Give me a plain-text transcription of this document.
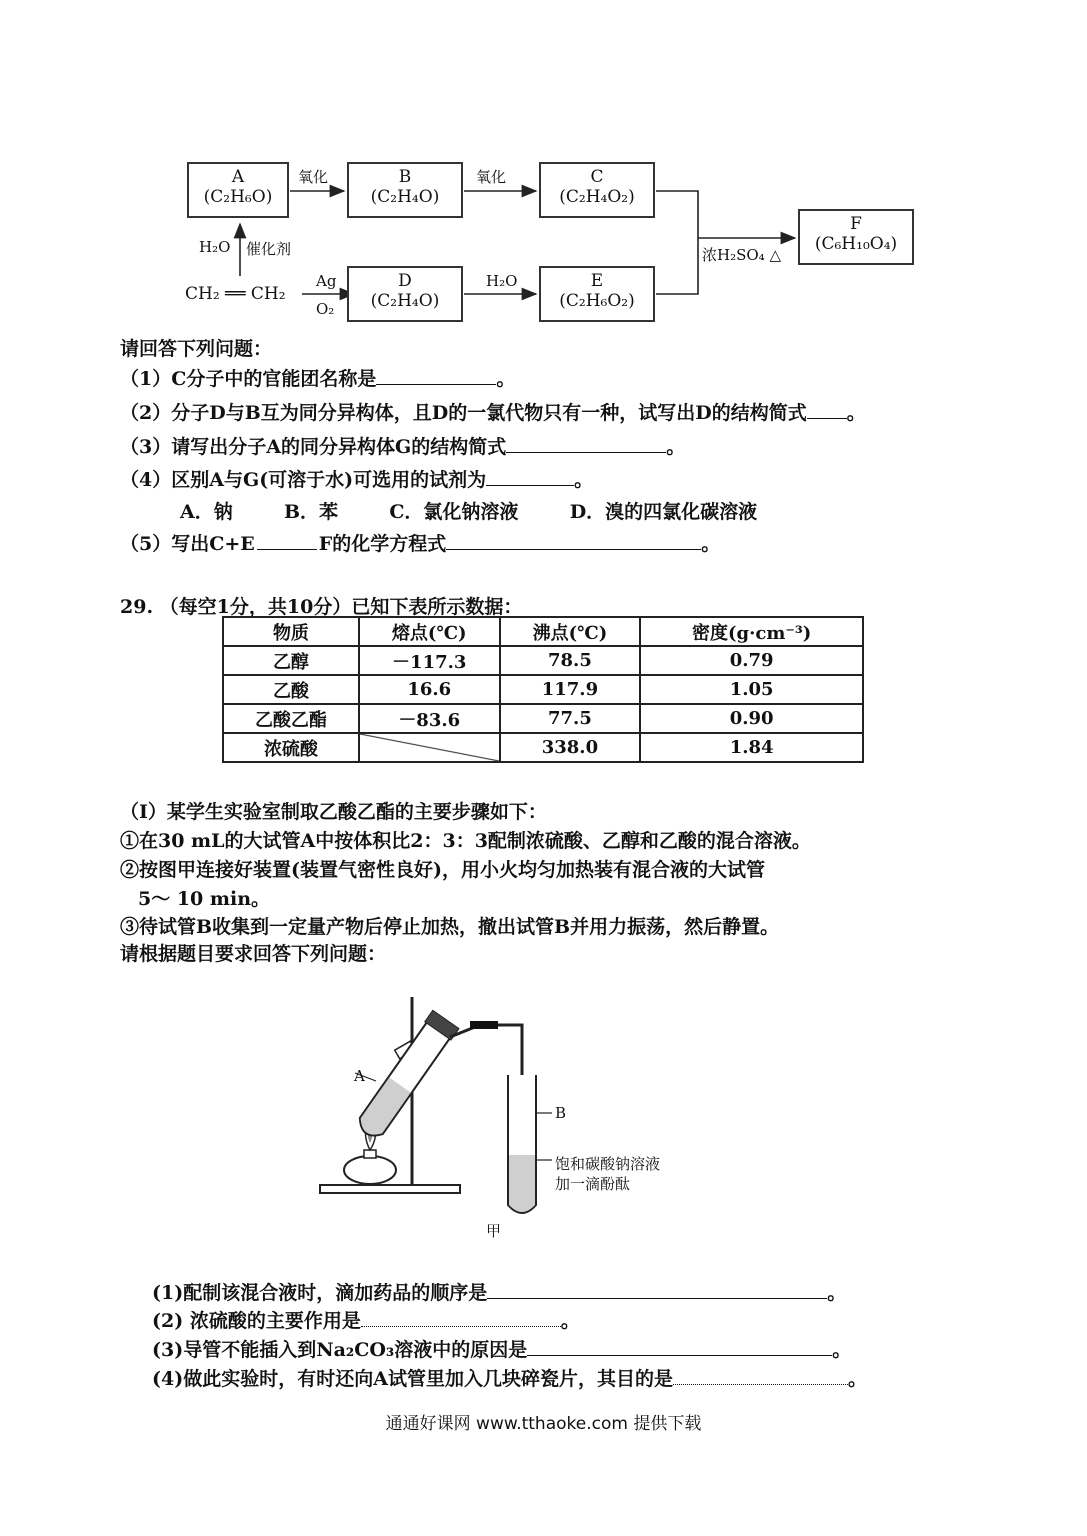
A
(C₂H₆O)
B
(C₂H₄O)
C
(C₂H₄O₂)
D
(C₂H₄O)
E
(C₂H₆O₂)
F
(C₆H₁₀O₄)
氧化	氧化
H₂O 催化剂
Ag
O₂
H₂O
浓H₂SO₄ △
CH₂ ══ CH₂
请回答下列问题：
（1）C分子中的官能团名称是	。
（2）分子D与B互为同分异构体，且D的一氯代物只有一种，试写出D的结构简式 。
（3）请写出分子A的同分异构体G的结构简式	。
（4）区别A与G(可溶于水)可选用的试剂为	。
A．钠	B．苯	C．氯化钠溶液	D．溴的四氯化碳溶液
（5）写出C+E	F的化学方程式	。
29. （每空1分，共10分）已知下表所示数据：
物质	熔点(℃)	沸点(℃)	密度(g·cm⁻³)
乙醇	－117.3	78.5	0.79
乙酸	16.6	117.9	1.05
乙酸乙酯	－83.6	77.5	0.90
浓硫酸		338.0	1.84
（Ⅰ）某学生实验室制取乙酸乙酯的主要步骤如下：
①在30 mL的大试管A中按体积比2：3：3配制浓硫酸、乙醇和乙酸的混合溶液。
②按图甲连接好装置(装置气密性良好)，用小火均匀加热装有混合液的大试管
5～ 10 min。
③待试管B收集到一定量产物后停止加热，撤出试管B并用力振荡，然后静置。
请根据题目要求回答下列问题：
A
B
饱和碳酸钠溶液
加一滴酚酞
甲
(1)配制该混合液时，滴加药品的顺序是	。
(2) 浓硫酸的主要作用是	。
(3)导管不能插入到Na₂CO₃溶液中的原因是	。
(4)做此实验时，有时还向A试管里加入几块碎瓷片，其目的是	。
通通好课网 www.tthaoke.com 提供下载
